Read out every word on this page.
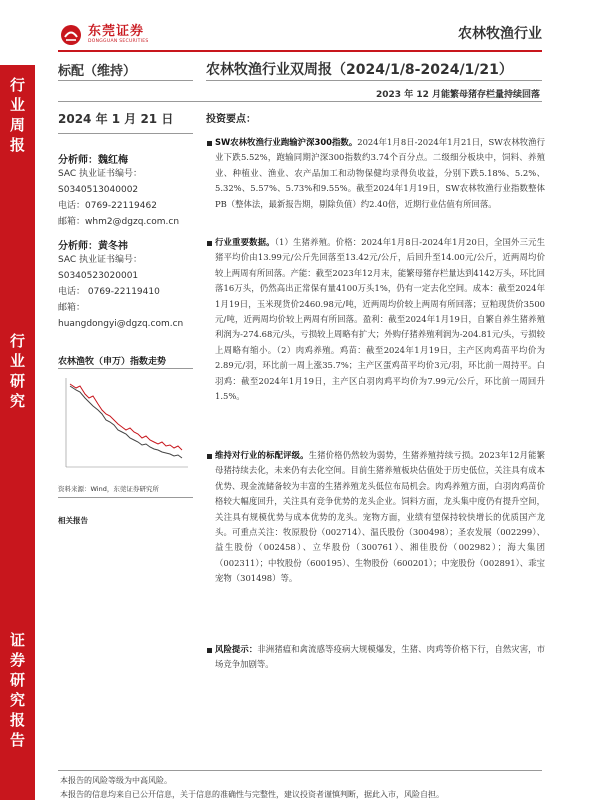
东莞证券
DONGGUAN SECURITIES	农林牧渔行业
行
业
周
报
行
业
研
究
证
券
研
究
报
告
标配（维持）	农林牧渔行业双周报（2024/1/8-2024/1/21）
2023 年 12 月能繁母猪存栏量持续回落
2024 年 1 月 21 日
分析师：魏红梅
SAC 执业证书编号：
S0340513040002
电话：0769-22119462
邮箱：whm2@dgzq.com.cn
分析师：黄冬祎
SAC 执业证书编号：
S0340523020001
电话： 0769-22119410
邮箱：
huangdongyi@dgzq.com.cn
农林渔牧（申万）指数走势
资料来源：Wind，东莞证券研究所
相关报告
投资要点：
SW农林牧渔行业跑输沪深300指数。2024年1月8日-2024年1月21日，SW农林牧渔行业下跌5.52%，跑输同期沪深300指数约3.74个百分点。二级细分板块中，饲料、养殖业、种植业、渔业、农产品加工和动物保健均录得负收益，分别下跌5.18%、5.2%、5.32%、5.57%、5.73%和9.55%。截至2024年1月19日，SW农林牧渔行业指数整体PB（整体法，最新报告期，剔除负值）约2.40倍，近期行业估值有所回落。
行业重要数据。（1）生猪养殖。价格：2024年1月8日-2024年1月20日，全国外三元生猪平均价由13.99元/公斤先回落至13.42元/公斤，后回升至14.00元/公斤，近两周均价较上两周有所回落。产能：截至2023年12月末，能繁母猪存栏量达到4142万头，环比回落16万头，仍然高出正常保有量4100万头1%，仍有一定去化空间。成本：截至2024年1月19日，玉米现货价2460.98元/吨，近两周均价较上两周有所回落；豆粕现货价3500元/吨，近两周均价较上两周有所回落。盈利：截至2024年1月19日，自繁自养生猪养殖利润为-274.68元/头，亏损较上周略有扩大；外购仔猪养殖利润为-204.81元/头，亏损较上周略有缩小。（2）肉鸡养殖。鸡苗：截至2024年1月19日，主产区肉鸡苗平均价为2.89元/羽，环比前一周上涨35.7%；主产区蛋鸡苗平均价3元/羽，环比前一周持平。白羽鸡：截至2024年1月19日，主产区白羽肉鸡平均价为7.99元/公斤，环比前一周回升1.5%。
维持对行业的标配评级。生猪价格仍然较为弱势，生猪养殖持续亏损。2023年12月能繁母猪持续去化，未来仍有去化空间。目前生猪养殖板块估值处于历史低位，关注具有成本优势、现金流储备较为丰富的生猪养殖龙头低位布局机会。肉鸡养殖方面，白羽肉鸡苗价格较大幅度回升，关注具有竞争优势的龙头企业。饲料方面，龙头集中度仍有提升空间，关注具有规模优势与成本优势的龙头。宠物方面，业绩有望保持较快增长的优质国产龙头。可重点关注：牧原股份（002714）、温氏股份（300498）；圣农发展（002299）、益生股份（002458）、立华股份（300761）、湘佳股份（002982）；海大集团（002311）；中牧股份（600195）、生物股份（600201）；中宠股份（002891）、乖宝宠物（301498）等。
风险提示：非洲猪瘟和禽流感等疫病大规模爆发，生猪、肉鸡等价格下行，自然灾害，市场竞争加剧等。
本报告的风险等级为中高风险。
本报告的信息均来自已公开信息，关于信息的准确性与完整性，建议投资者谨慎判断，据此入市，风险自担。
